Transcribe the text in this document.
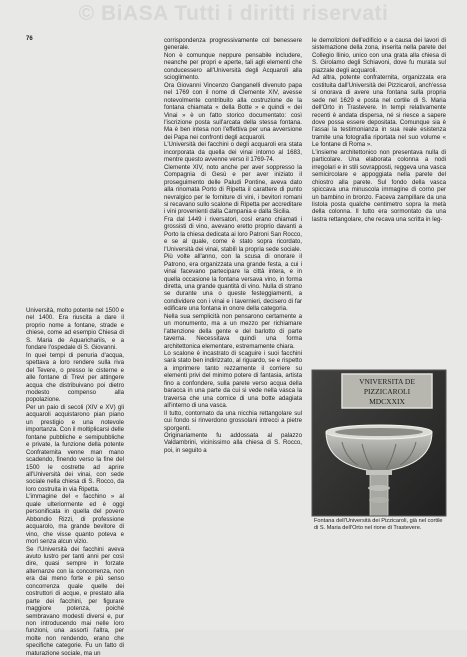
© BiASA Tutti i diritti riservati
76

Università, molto potente nel 1500 e nel 1400. Era riuscita a dare il proprio nome a fontane, strade e chiese, come ad esempio Chiesa di S. Maria de Aquarichariis, e a fondare l'ospedale di S. Giovanni.

In quei tempi di penuria d'acqua, spettava a loro rendere sulla riva del Tevere, o presso le cisterne e alle fontane di Trevi per attingere acqua che distribuivano poi dietro modesto compenso alla popolazione.

Per un paio di secoli (XIV e XV) gli acquaroli acquistarono pian piano un prestigio e una notevole importanza. Con il moltiplicarsi delle fontane pubbliche e semipubbliche e private, la funzione della potente Confraternita venne man mano scadendo, finendo verso la fine del 1500 le costrette ad aprire all'Università dei vinai, con sede sociale nella chiesa di S. Rocco, da loro costruita in via Ripetta.

L'immagine del « facchino » al quale ulteriormente ed è oggi personificata in quella del povero Abbondio Rizzi, di professione acquarolo, ma grande bevitore di vino, che visse quanto poteva e morì senza alcun vizio.

Se l'Università dei facchini aveva avuto lustro per tanti anni per così dire, quasi sempre in forzate alternanze con la concorrenza, non era dai meno forte e più senso concorrenza quale quelle dei costruttori di acque, e prestato alla parte dei facchini, per figurare maggiore potenza, poiché sembravano modesti diversi e, pur non introducendo mai nelle loro funzioni, una assorti l'altra, per molte non rendendo, erano che specifiche categorie. Fu un fatto di maturazione sociale, ma un

corrispondenza progressivamente col benessere generale.

Non è comunque neppure pensabile includere, neanche per propri e aperte, tali agli elementi che conducessero all'Università degli Acquaroli alla scioglimento.

Ora Giovanni Vincenzo Ganganelli divenuto papa nel 1769 con il nome di Clemente XIV, avesse notevolmente contribuito alla costruzione de la fontana chiamata « della Botte » e quindi « dei Vinai » è un fatto storico documentato: così l'iscrizione posta sull'arcata della stessa fontana. Ma è ben intesa non l'effettiva per una avversione dei Papa nei confronti degli acquaroli.

L'Università dei facchini o degli acquaroli era stata incorporata da quella dei vinai intorno al 1683, mentre questo avvenne verso il 1769-74.

Clemente XIV, noto anche per aver soppresso la Compagnia di Gesù e per aver iniziato il proseguimento delle Paludi Pontine, aveva dato alla rinomata Porto di Ripetta il carattere di punto nevralgico per le forniture di vini, i bevitori romani si recavano sullo scalone di Ripetta per accreditare i vini provenienti dalla Campania e dalla Sicilia.

Fra dal 1449 i riversatori, così erano chiamati i grossisti di vino, avevano eretto proprio davanti a Porto la chiesa dedicata ai loro Patroni San Rocco, e se al quale, come è stato sopra ricordato, l'Università dei vinai, stabilì la propria sede sociale.

Più volte all'anno, con la scusa di onorare il Patrono, era organizzata una grande festa, a cui i vinai facevano partecipare la città intera, e in quella occasione la fontana versava vino, in forma diretta, una grande quantità di vino. Nulla di strano se durante una o queste festeggiamenti, a condividere con i vinai e i tavernieri, decisero di far edificare una fontana in onore della categoria.

Nella sua semplicità non pensarono certamente a un monumento, ma a un mezzo per richiamare l'attenzione della gente e del barlotto di parte taverna. Necessitava quindi una forma architettonica elementare, estremamente chiara.

Lo scalone è incastrato di scaguire i suoi facchini sarà stato ben indirizzato, al riguardo, se e rispetto a imprimere tanto rezzamente il corriere su elementi privi del minimo potere di fantasia, artista fino a confondere, sulla parete verso acqua della baracca in una parte da cui si vede nella vasca la traversa che una cornice di una botte adagiata all'interno di una vasca.

Il tutto, contornato da una nicchia rettangolare sul cui fondo si rinverdono grossolani intrecci a pietre sporgenti.

Originariamente fu addossata al palazzo Valdambrini, vicinissimo alla chiesa di S. Rocco, poi, in seguito a

le demolizioni dell'edificio e a causa dei lavori di sistemazione della zona, inserita nella parete del Collegio Ilinio, unico con una grata alla chiesa di S. Girolamo degli Schiavoni, dove fu murata sul piazzale degli acquaroli.

Ad altra, potente confraternita, organizzata era costituita dall'Università dei Pizzicaroli, anch'essa si onorava di avere una fontana sulla propria sede nel 1629 e posta nel cortile di S. Maria dell'Orto in Trastevere. In tempi relativamente recenti è andata dispersa, né si riesce a sapere dove possa essere depositata. Comunque sia è l'assai la testimonianza in sua reale esistenza tramite una fotografia riportata nel suo volume « Le fontane di Roma ».

L'insieme architettonico non presentava nulla di particolare. Una elaborata colonna a nodi irregolari e in stili sovrapposti, reggeva una vasca semicircolare e appoggiata nella parete del chiostro alla parete. Sul fondo della vasca spiccava una minuscola immagine di corno per un bambino in bronzo. Faceva zampillare da una listola posta qualche centimetro sopra la metà della colonna. Il tutto era sormontato da una lastra rettangolare, che recava una scritta in leg-

VNIVERSITA DE
PIZZICAROLI
MDCXXIX
Fontana dell'Università dei Pizzicaroli, già nel cortile di S. Maria dell'Orto nel rione di Trastevere.
